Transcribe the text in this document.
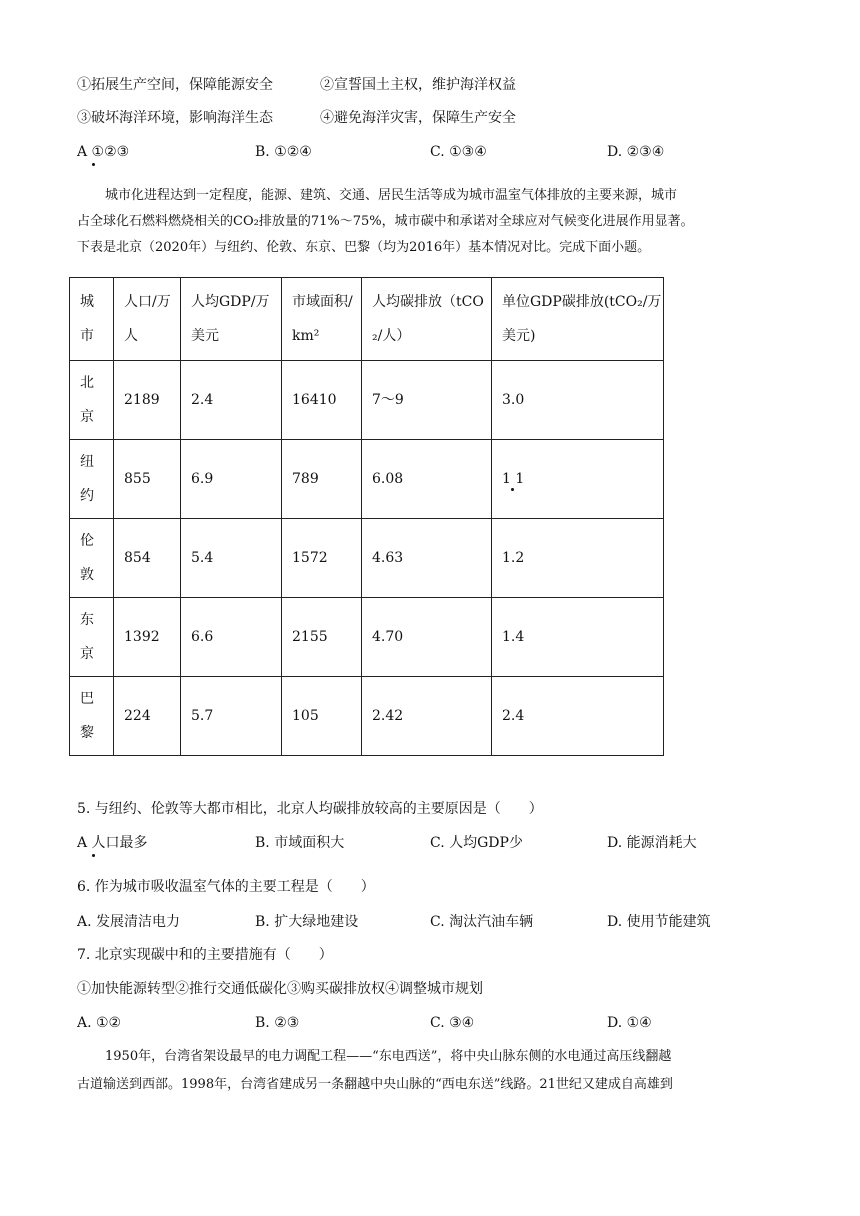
①拓展生产空间，保障能源安全	②宣誓国土主权，维护海洋权益
③破坏海洋环境，影响海洋生态	④避免海洋灾害，保障生产安全
A ①②③	B. ①②④	C. ①③④	D. ②③④
城市化进程达到一定程度，能源、建筑、交通、居民生活等成为城市温室气体排放的主要来源，城市
占全球化石燃料燃烧相关的CO₂排放量的71%～75%，城市碳中和承诺对全球应对气候变化进展作用显著。
下表是北京（2020年）与纽约、伦敦、东京、巴黎（均为2016年）基本情况对比。完成下面小题。
城市	人口/万人	人均GDP/万美元	市域面积/km²	人均碳排放（tCO₂/人）	单位GDP碳排放(tCO₂/万美元)

北京	2189	2.4	16410	7～9	3.0

纽约	855	6.9	789	6.08	1 1

伦敦	854	5.4	1572	4.63	1.2

东京	1392	6.6	2155	4.70	1.4

巴黎	224	5.7	105	2.42	2.4
5. 与纽约、伦敦等大都市相比，北京人均碳排放较高的主要原因是（　　）
A 人口最多	B. 市域面积大	C. 人均GDP少	D. 能源消耗大
6. 作为城市吸收温室气体的主要工程是（　　）
A. 发展清洁电力	B. 扩大绿地建设	C. 淘汰汽油车辆	D. 使用节能建筑
7. 北京实现碳中和的主要措施有（　　）
①加快能源转型②推行交通低碳化③购买碳排放权④调整城市规划
A. ①②	B. ②③	C. ③④	D. ①④
1950年，台湾省架设最早的电力调配工程——“东电西送”，将中央山脉东侧的水电通过高压线翻越
古道输送到西部。1998年，台湾省建成另一条翻越中央山脉的“西电东送”线路。21世纪又建成自高雄到
